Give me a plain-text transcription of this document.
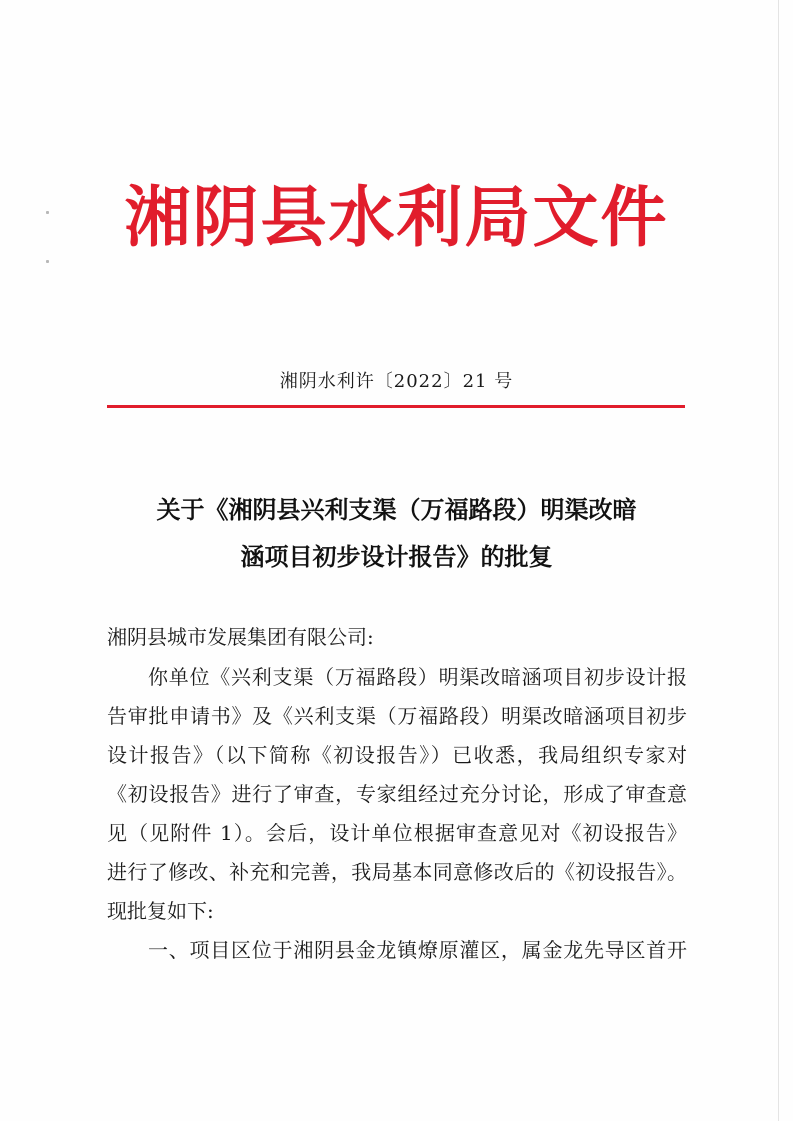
湘阴县水利局文件
湘阴水利许〔2022〕21 号
关于《湘阴县兴利支渠（万福路段）明渠改暗
涵项目初步设计报告》的批复
湘阴县城市发展集团有限公司:
你单位《兴利支渠（万福路段）明渠改暗涵项目初步设计报
告审批申请书》及《兴利支渠（万福路段）明渠改暗涵项目初步
设计报告》（以下简称《初设报告》）已收悉，我局组织专家对
《初设报告》进行了审查，专家组经过充分讨论，形成了审查意
见（见附件 1）。会后，设计单位根据审查意见对《初设报告》
进行了修改、补充和完善，我局基本同意修改后的《初设报告》。
现批复如下:
一、项目区位于湘阴县金龙镇燎原灌区，属金龙先导区首开
